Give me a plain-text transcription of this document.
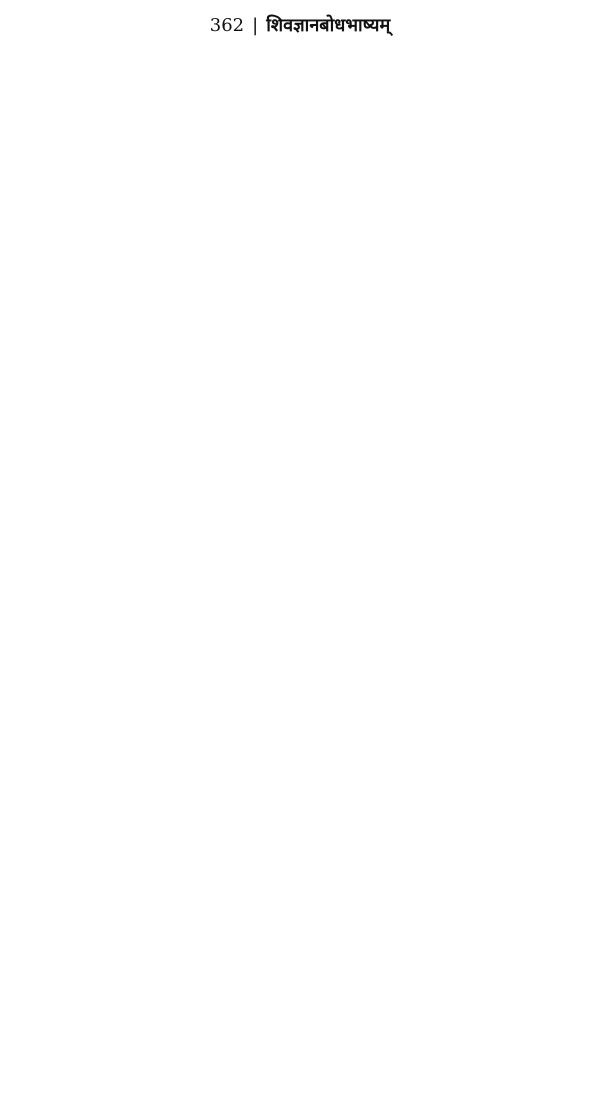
362 | शिवज्ञानबोधभाष्यम्
